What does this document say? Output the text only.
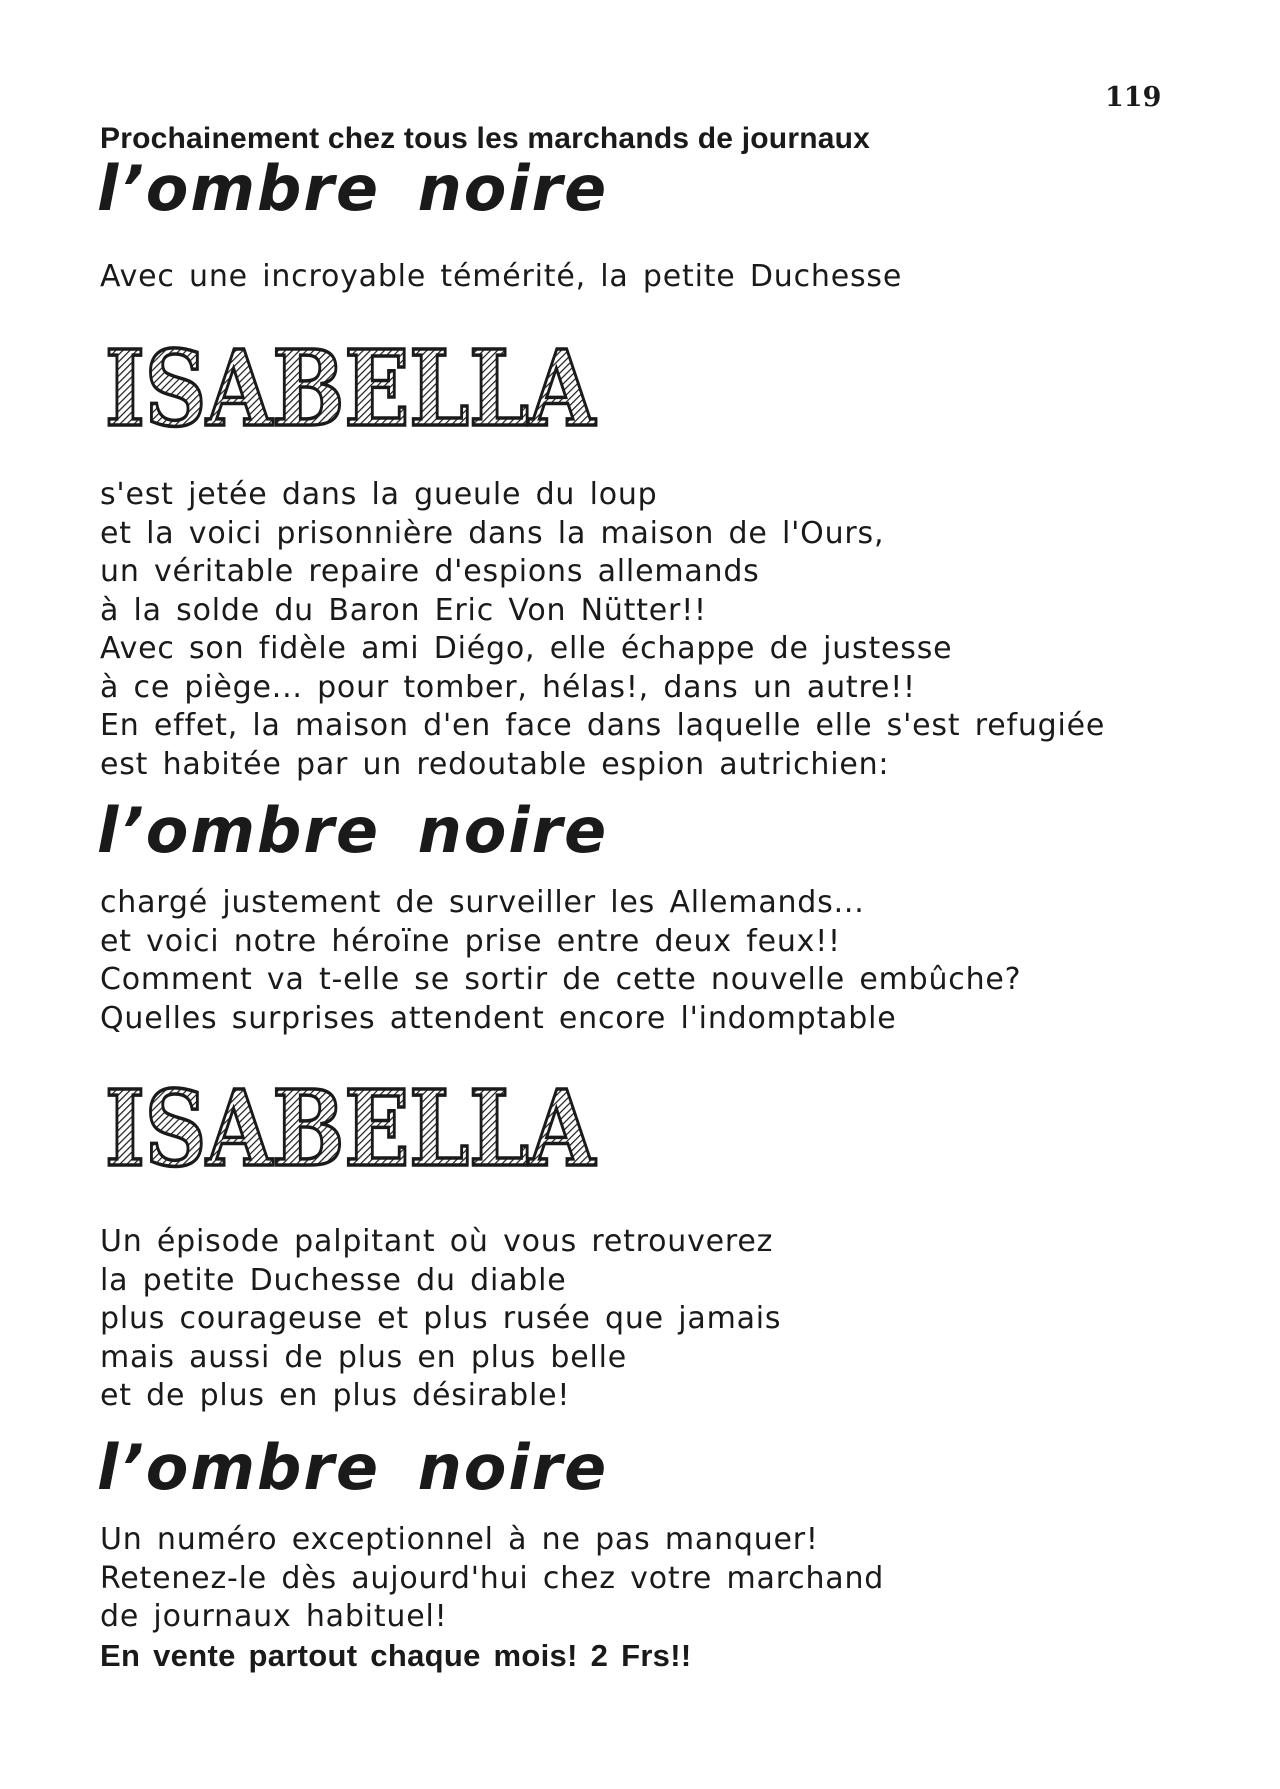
119
Prochainement chez tous les marchands de journaux
l’ombre noire
Avec une incroyable témérité, la petite Duchesse
ISABELLA
s'est jetée dans la gueule du loup
et la voici prisonnière dans la maison de l'Ours,
un véritable repaire d'espions allemands
à la solde du Baron Eric Von Nütter!!
Avec son fidèle ami Diégo, elle échappe de justesse
à ce piège... pour tomber, hélas!, dans un autre!!
En effet, la maison d'en face dans laquelle elle s'est refugiée
est habitée par un redoutable espion autrichien:
l’ombre noire
chargé justement de surveiller les Allemands...
et voici notre héroïne prise entre deux feux!!
Comment va t-elle se sortir de cette nouvelle embûche?
Quelles surprises attendent encore l'indomptable
ISABELLA
Un épisode palpitant où vous retrouverez
la petite Duchesse du diable
plus courageuse et plus rusée que jamais
mais aussi de plus en plus belle
et de plus en plus désirable!
l’ombre noire
Un numéro exceptionnel à ne pas manquer!
Retenez-le dès aujourd'hui chez votre marchand
de journaux habituel!
En vente partout chaque mois! 2 Frs!!
